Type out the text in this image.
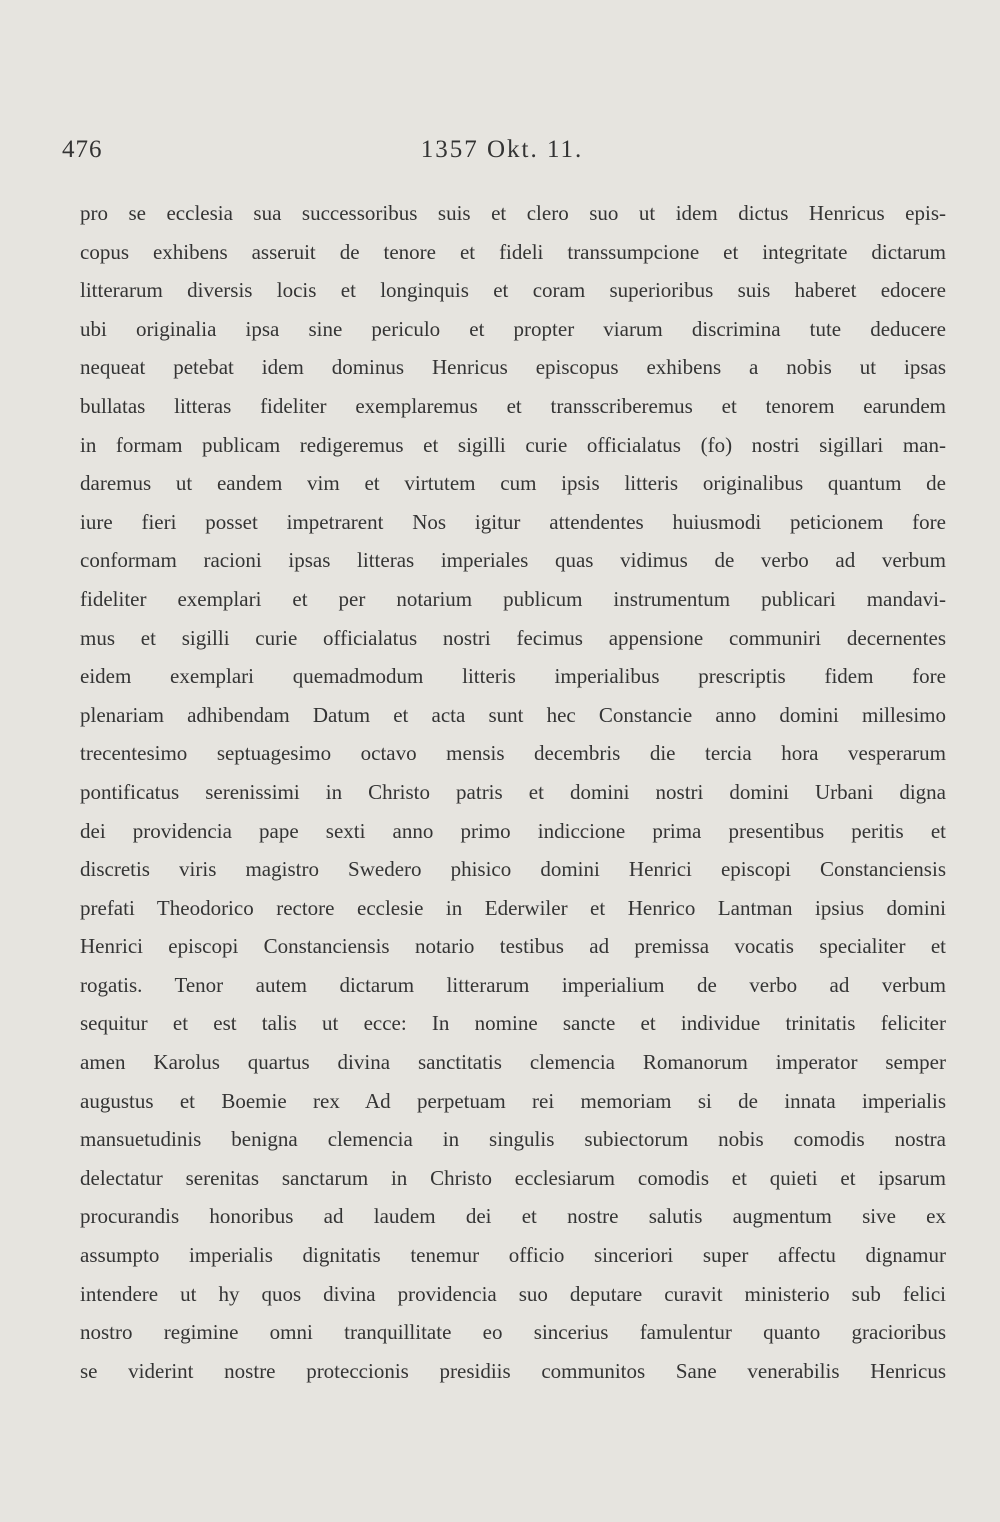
476	1357 Okt. 11.
pro se ecclesia sua successoribus suis et clero suo ut idem dictus Henricus epis-
copus exhibens asseruit de tenore et fideli transsumpcione et integritate dictarum
litterarum diversis locis et longinquis et coram superioribus suis haberet edocere
ubi originalia ipsa sine periculo et propter viarum discrimina tute deducere
nequeat petebat idem dominus Henricus episcopus exhibens a nobis ut ipsas
bullatas litteras fideliter exemplaremus et transscriberemus et tenorem earundem
in formam publicam redigeremus et sigilli curie officialatus (fo) nostri sigillari man-
daremus ut eandem vim et virtutem cum ipsis litteris originalibus quantum de
iure fieri posset impetrarent Nos igitur attendentes huiusmodi peticionem fore
conformam racioni ipsas litteras imperiales quas vidimus de verbo ad verbum
fideliter exemplari et per notarium publicum instrumentum publicari mandavi-
mus et sigilli curie officialatus nostri fecimus appensione communiri decernentes
eidem exemplari quemadmodum litteris imperialibus prescriptis fidem fore
plenariam adhibendam Datum et acta sunt hec Constancie anno domini millesimo
trecentesimo septuagesimo octavo mensis decembris die tercia hora vesperarum
pontificatus serenissimi in Christo patris et domini nostri domini Urbani digna
dei providencia pape sexti anno primo indiccione prima presentibus peritis et
discretis viris magistro Swedero phisico domini Henrici episcopi Constanciensis
prefati Theodorico rectore ecclesie in Ederwiler et Henrico Lantman ipsius domini
Henrici episcopi Constanciensis notario testibus ad premissa vocatis specialiter et
rogatis. Tenor autem dictarum litterarum imperialium de verbo ad verbum
sequitur et est talis ut ecce: In nomine sancte et individue trinitatis feliciter
amen Karolus quartus divina sanctitatis clemencia Romanorum imperator semper
augustus et Boemie rex Ad perpetuam rei memoriam si de innata imperialis
mansuetudinis benigna clemencia in singulis subiectorum nobis comodis nostra
delectatur serenitas sanctarum in Christo ecclesiarum comodis et quieti et ipsarum
procurandis honoribus ad laudem dei et nostre salutis augmentum sive ex
assumpto imperialis dignitatis tenemur officio sinceriori super affectu dignamur
intendere ut hy quos divina providencia suo deputare curavit ministerio sub felici
nostro regimine omni tranquillitate eo sincerius famulentur quanto gracioribus
se viderint nostre proteccionis presidiis communitos Sane venerabilis Henricus
